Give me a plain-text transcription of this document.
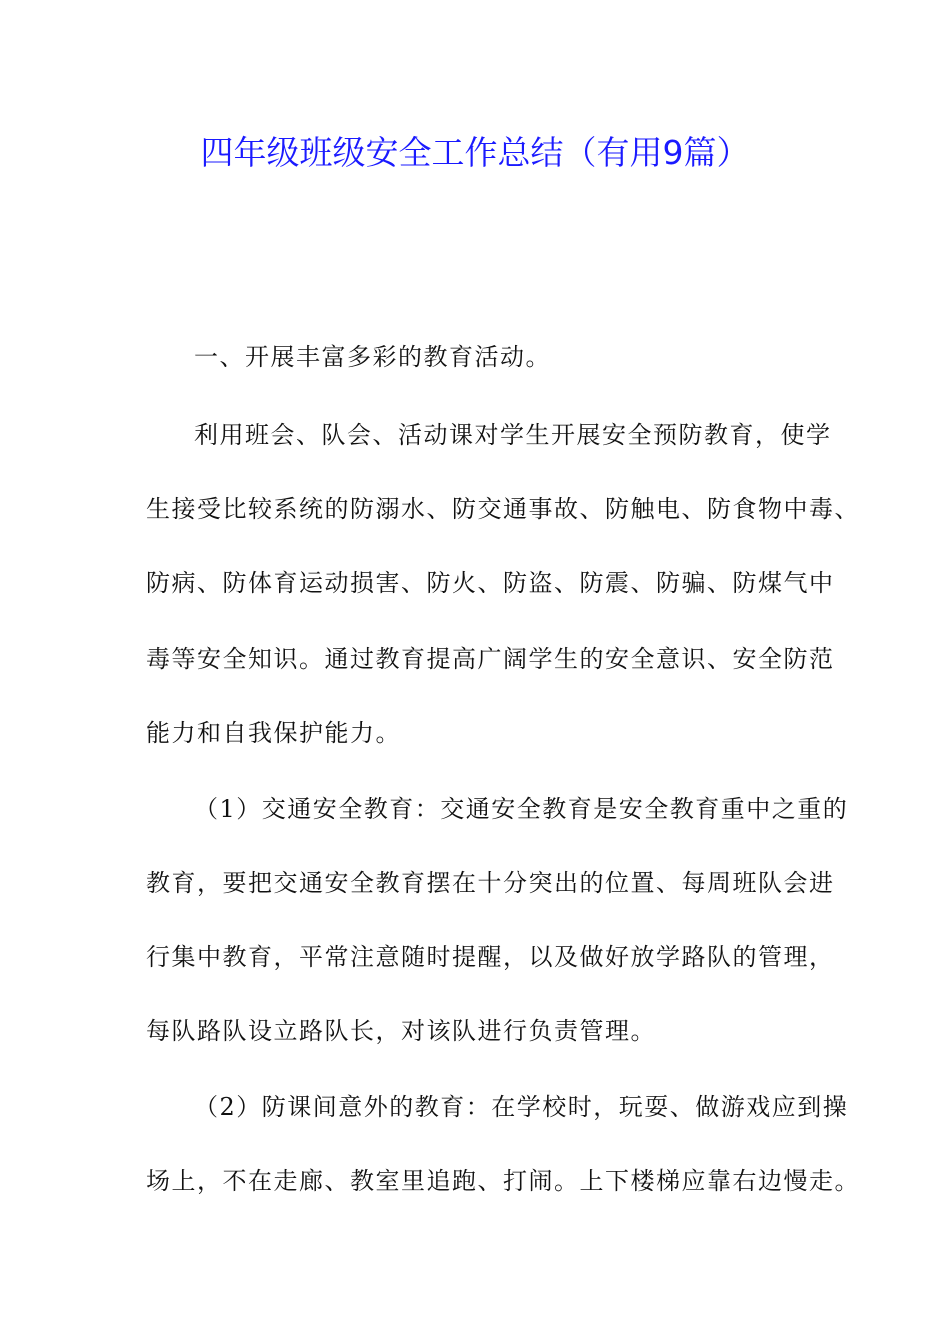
四年级班级安全工作总结（有用9篇）
一、开展丰富多彩的教育活动。
利用班会、队会、活动课对学生开展安全预防教育，使学
生接受比较系统的防溺水、防交通事故、防触电、防食物中毒、
防病、防体育运动损害、防火、防盗、防震、防骗、防煤气中
毒等安全知识。通过教育提高广阔学生的安全意识、安全防范
能力和自我保护能力。
（1）交通安全教育：交通安全教育是安全教育重中之重的
教育，要把交通安全教育摆在十分突出的位置、每周班队会进
行集中教育，平常注意随时提醒，以及做好放学路队的管理，
每队路队设立路队长，对该队进行负责管理。
（2）防课间意外的教育：在学校时，玩耍、做游戏应到操
场上，不在走廊、教室里追跑、打闹。上下楼梯应靠右边慢走。
